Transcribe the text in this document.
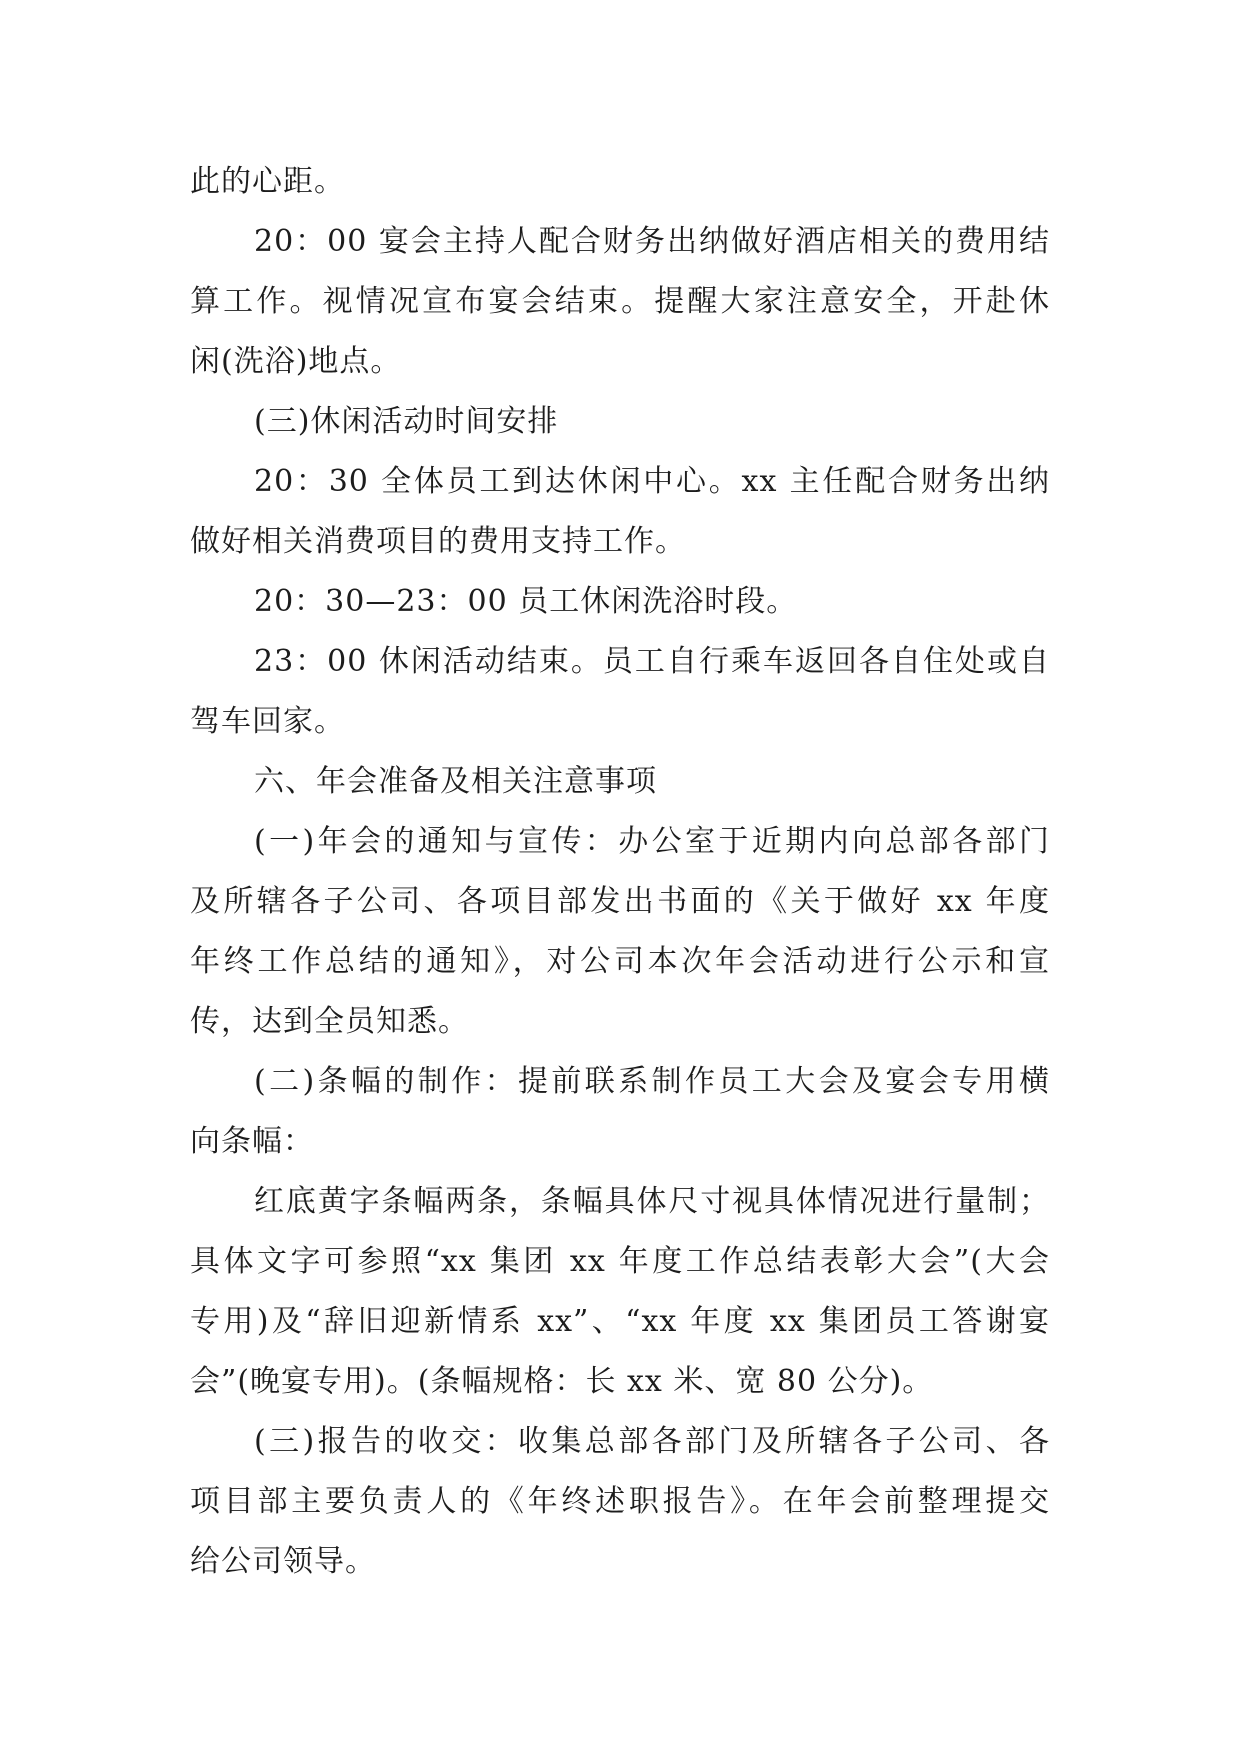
此的心距。
20：00 宴会主持人配合财务出纳做好酒店相关的费用结
算工作。视情况宣布宴会结束。提醒大家注意安全，开赴休
闲(洗浴)地点。
(三)休闲活动时间安排
20：30 全体员工到达休闲中心。xx 主任配合财务出纳
做好相关消费项目的费用支持工作。
20：30—23：00 员工休闲洗浴时段。
23：00 休闲活动结束。员工自行乘车返回各自住处或自
驾车回家。
六、年会准备及相关注意事项
(一)年会的通知与宣传：办公室于近期内向总部各部门
及所辖各子公司、各项目部发出书面的《关于做好 xx 年度
年终工作总结的通知》，对公司本次年会活动进行公示和宣
传，达到全员知悉。
(二)条幅的制作：提前联系制作员工大会及宴会专用横
向条幅：
红底黄字条幅两条，条幅具体尺寸视具体情况进行量制；
具体文字可参照“xx 集团 xx 年度工作总结表彰大会”(大会
专用)及“辞旧迎新情系 xx”、“xx 年度 xx 集团员工答谢宴
会”(晚宴专用)。(条幅规格：长 xx 米、宽 80 公分)。
(三)报告的收交：收集总部各部门及所辖各子公司、各
项目部主要负责人的《年终述职报告》。在年会前整理提交
给公司领导。
